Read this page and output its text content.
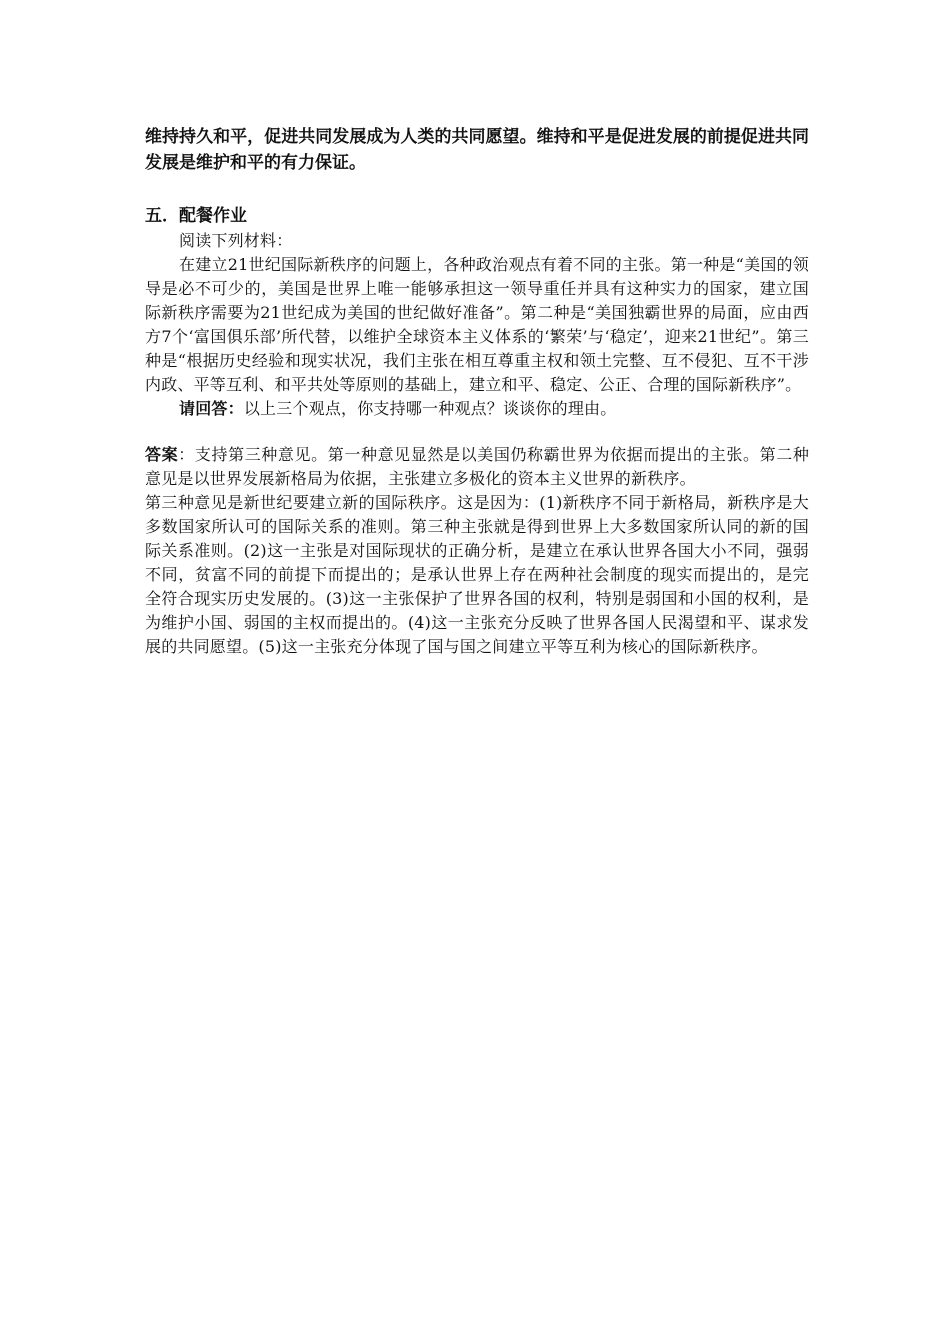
维持持久和平，促进共同发展成为人类的共同愿望。维持和平是促进发展的前提促进共同发展是维护和平的有力保证。

五．配餐作业

阅读下列材料：

在建立21世纪国际新秩序的问题上，各种政治观点有着不同的主张。第一种是“美国的领导是必不可少的，美国是世界上唯一能够承担这一领导重任并具有这种实力的国家，建立国际新秩序需要为21世纪成为美国的世纪做好准备”。第二种是“美国独霸世界的局面，应由西方7个‘富国俱乐部’所代替，以维护全球资本主义体系的‘繁荣’与‘稳定’，迎来21世纪”。第三种是“根据历史经验和现实状况，我们主张在相互尊重主权和领土完整、互不侵犯、互不干涉内政、平等互利、和平共处等原则的基础上，建立和平、稳定、公正、合理的国际新秩序”。

请回答：以上三个观点，你支持哪一种观点？谈谈你的理由。

答案：支持第三种意见。第一种意见显然是以美国仍称霸世界为依据而提出的主张。第二种意见是以世界发展新格局为依据，主张建立多极化的资本主义世界的新秩序。

第三种意见是新世纪要建立新的国际秩序。这是因为：(1)新秩序不同于新格局，新秩序是大多数国家所认可的国际关系的准则。第三种主张就是得到世界上大多数国家所认同的新的国际关系准则。(2)这一主张是对国际现状的正确分析，是建立在承认世界各国大小不同，强弱不同，贫富不同的前提下而提出的；是承认世界上存在两种社会制度的现实而提出的，是完全符合现实历史发展的。(3)这一主张保护了世界各国的权利，特别是弱国和小国的权利，是为维护小国、弱国的主权而提出的。(4)这一主张充分反映了世界各国人民渴望和平、谋求发展的共同愿望。(5)这一主张充分体现了国与国之间建立平等互利为核心的国际新秩序。
